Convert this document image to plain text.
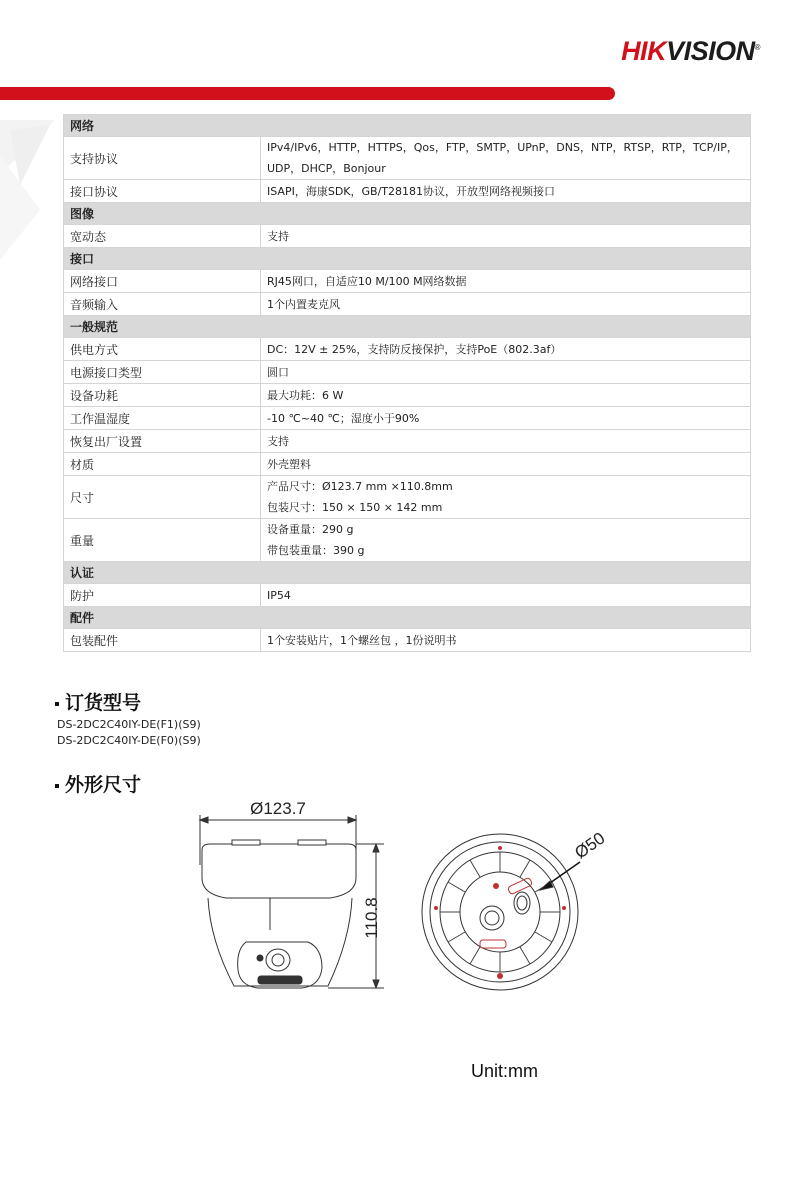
HIKVISION®
网络	
支持协议	IPv4/IPv6，HTTP，HTTPS，Qos，FTP，SMTP，UPnP，DNS，NTP，RTSP，RTP，TCP/IP，
UDP，DHCP，Bonjour

接口协议	ISAPI，海康SDK，GB/T28181协议，开放型网络视频接口

图像	
宽动态	支持

接口	
网络接口	RJ45网口，自适应10 M/100 M网络数据

音频输入	1个内置麦克风

一般规范	
供电方式	DC：12V ± 25%，支持防反接保护，支持PoE（802.3af）

电源接口类型	圆口

设备功耗	最大功耗：6 W

工作温湿度	-10 ℃~40 ℃；湿度小于90%

恢复出厂设置	支持

材质	外壳塑料

尺寸	产品尺寸：Ø123.7 mm ×110.8mm
包装尺寸：150 × 150 × 142 mm

重量	设备重量：290 g
带包装重量：390 g

认证	
防护	IP54

配件	
包装配件	1个安装贴片，1个螺丝包 ，1份说明书
订货型号
DS-2DC2C40IY-DE(F1)(S9)
DS-2DC2C40IY-DE(F0)(S9)
外形尺寸
Ø123.7
110.8
Ø50
Unit:mm
